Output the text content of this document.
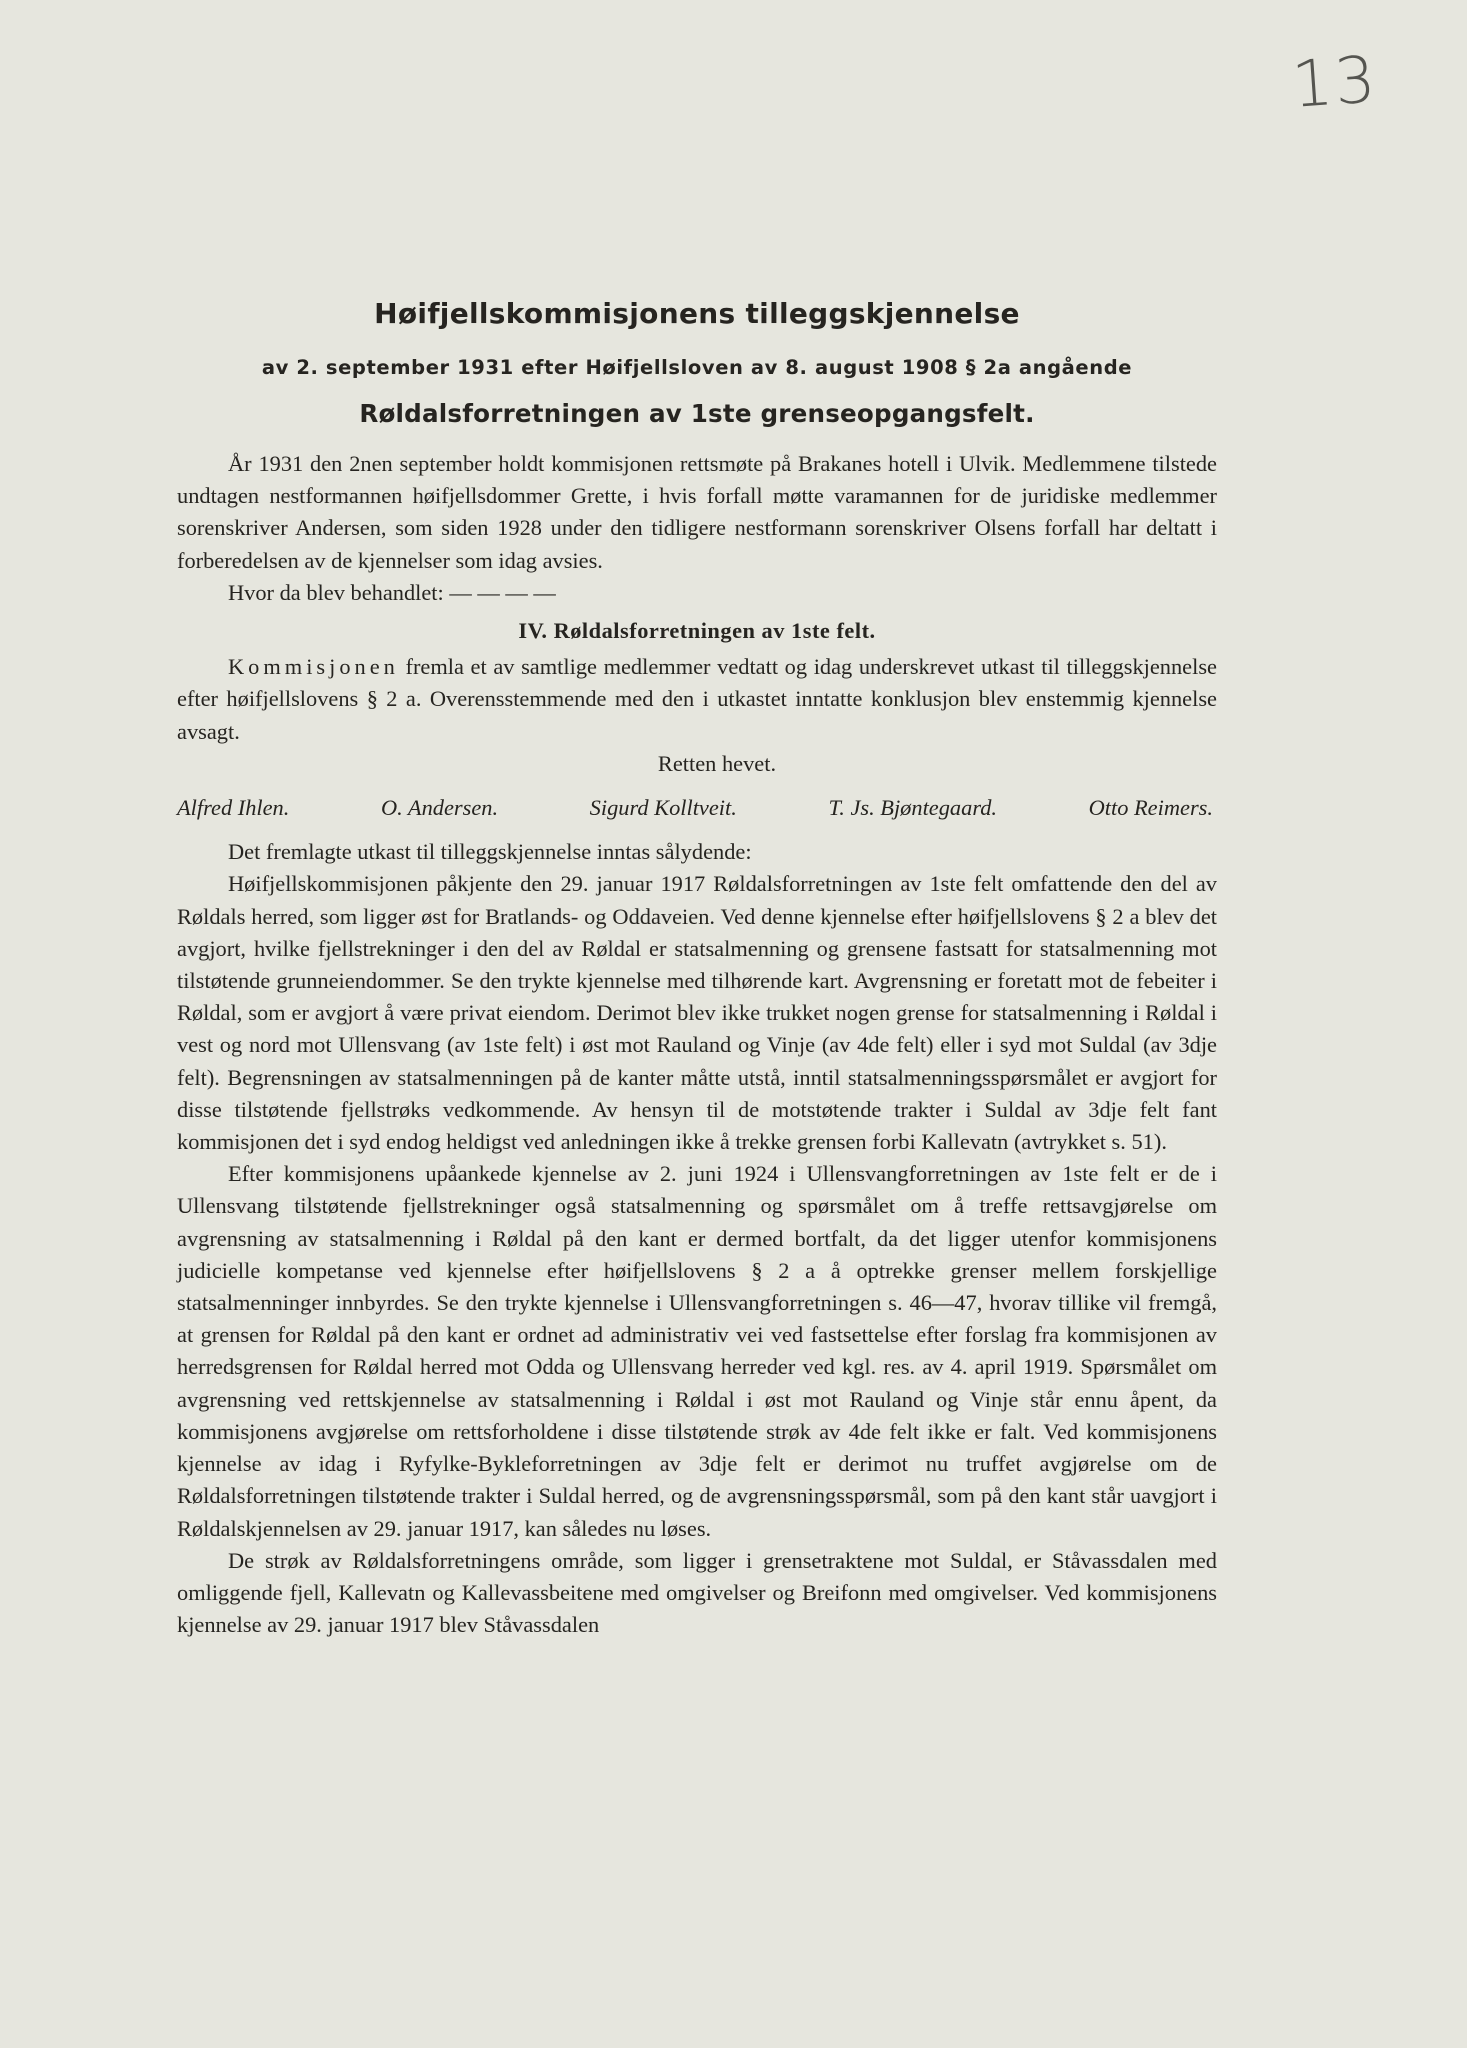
13
Høifjellskommisjonens tilleggskjennelse
av 2. september 1931 efter Høifjellsloven av 8. august 1908 § 2a angående
Røldalsforretningen av 1ste grenseopgangsfelt.

År 1931 den 2nen september holdt kommisjonen rettsmøte på Brakanes hotell i Ulvik. Medlemmene tilstede undtagen nestformannen høifjellsdommer Grette, i hvis forfall møtte varamannen for de juridiske medlemmer sorenskriver Andersen, som siden 1928 under den tidligere nestformann sorenskriver Olsens forfall har deltatt i forberedelsen av de kjennelser som idag avsies.

Hvor da blev behandlet: — — — —

IV. Røldalsforretningen av 1ste felt.

Kommisjonen fremla et av samtlige medlemmer vedtatt og idag underskrevet utkast til tilleggskjennelse efter høifjellslovens § 2 a. Overensstemmende med den i utkastet inntatte konklusjon blev enstemmig kjennelse avsagt.

Retten hevet.

Alfred Ihlen.	O. Andersen.	Sigurd Kolltveit.	T. Js. Bjøntegaard.	Otto Reimers.

Det fremlagte utkast til tilleggskjennelse inntas sålydende:

Høifjellskommisjonen påkjente den 29. januar 1917 Røldalsforretningen av 1ste felt omfattende den del av Røldals herred, som ligger øst for Bratlands- og Oddaveien. Ved denne kjennelse efter høifjellslovens § 2 a blev det avgjort, hvilke fjellstrekninger i den del av Røldal er statsalmenning og grensene fastsatt for statsalmenning mot tilstøtende grunneiendommer. Se den trykte kjennelse med tilhørende kart. Avgrensning er foretatt mot de febeiter i Røldal, som er avgjort å være privat eiendom. Derimot blev ikke trukket nogen grense for statsalmenning i Røldal i vest og nord mot Ullensvang (av 1ste felt) i øst mot Rauland og Vinje (av 4de felt) eller i syd mot Suldal (av 3dje felt). Begrensningen av statsalmenningen på de kanter måtte utstå, inntil statsalmenningsspørsmålet er avgjort for disse tilstøtende fjellstrøks vedkommende. Av hensyn til de motstøtende trakter i Suldal av 3dje felt fant kommisjonen det i syd endog heldigst ved anledningen ikke å trekke grensen forbi Kallevatn (avtrykket s. 51).

Efter kommisjonens upåankede kjennelse av 2. juni 1924 i Ullensvangforretningen av 1ste felt er de i Ullensvang tilstøtende fjellstrekninger også statsalmenning og spørsmålet om å treffe rettsavgjørelse om avgrensning av statsalmenning i Røldal på den kant er dermed bortfalt, da det ligger utenfor kommisjonens judicielle kompetanse ved kjennelse efter høifjellslovens § 2 a å optrekke grenser mellem forskjellige statsalmenninger innbyrdes. Se den trykte kjennelse i Ullensvangforretningen s. 46—47, hvorav tillike vil fremgå, at grensen for Røldal på den kant er ordnet ad administrativ vei ved fastsettelse efter forslag fra kommisjonen av herredsgrensen for Røldal herred mot Odda og Ullensvang herreder ved kgl. res. av 4. april 1919. Spørsmålet om avgrensning ved rettskjennelse av statsalmenning i Røldal i øst mot Rauland og Vinje står ennu åpent, da kommisjonens avgjørelse om rettsforholdene i disse tilstøtende strøk av 4de felt ikke er falt. Ved kommisjonens kjennelse av idag i Ryfylke-Bykleforretningen av 3dje felt er derimot nu truffet avgjørelse om de Røldalsforretningen tilstøtende trakter i Suldal herred, og de avgrensningsspørsmål, som på den kant står uavgjort i Røldalskjennelsen av 29. januar 1917, kan således nu løses.

De strøk av Røldalsforretningens område, som ligger i grensetraktene mot Suldal, er Ståvassdalen med omliggende fjell, Kallevatn og Kallevassbeitene med omgivelser og Breifonn med omgivelser. Ved kommisjonens kjennelse av 29. januar 1917 blev Ståvassdalen
